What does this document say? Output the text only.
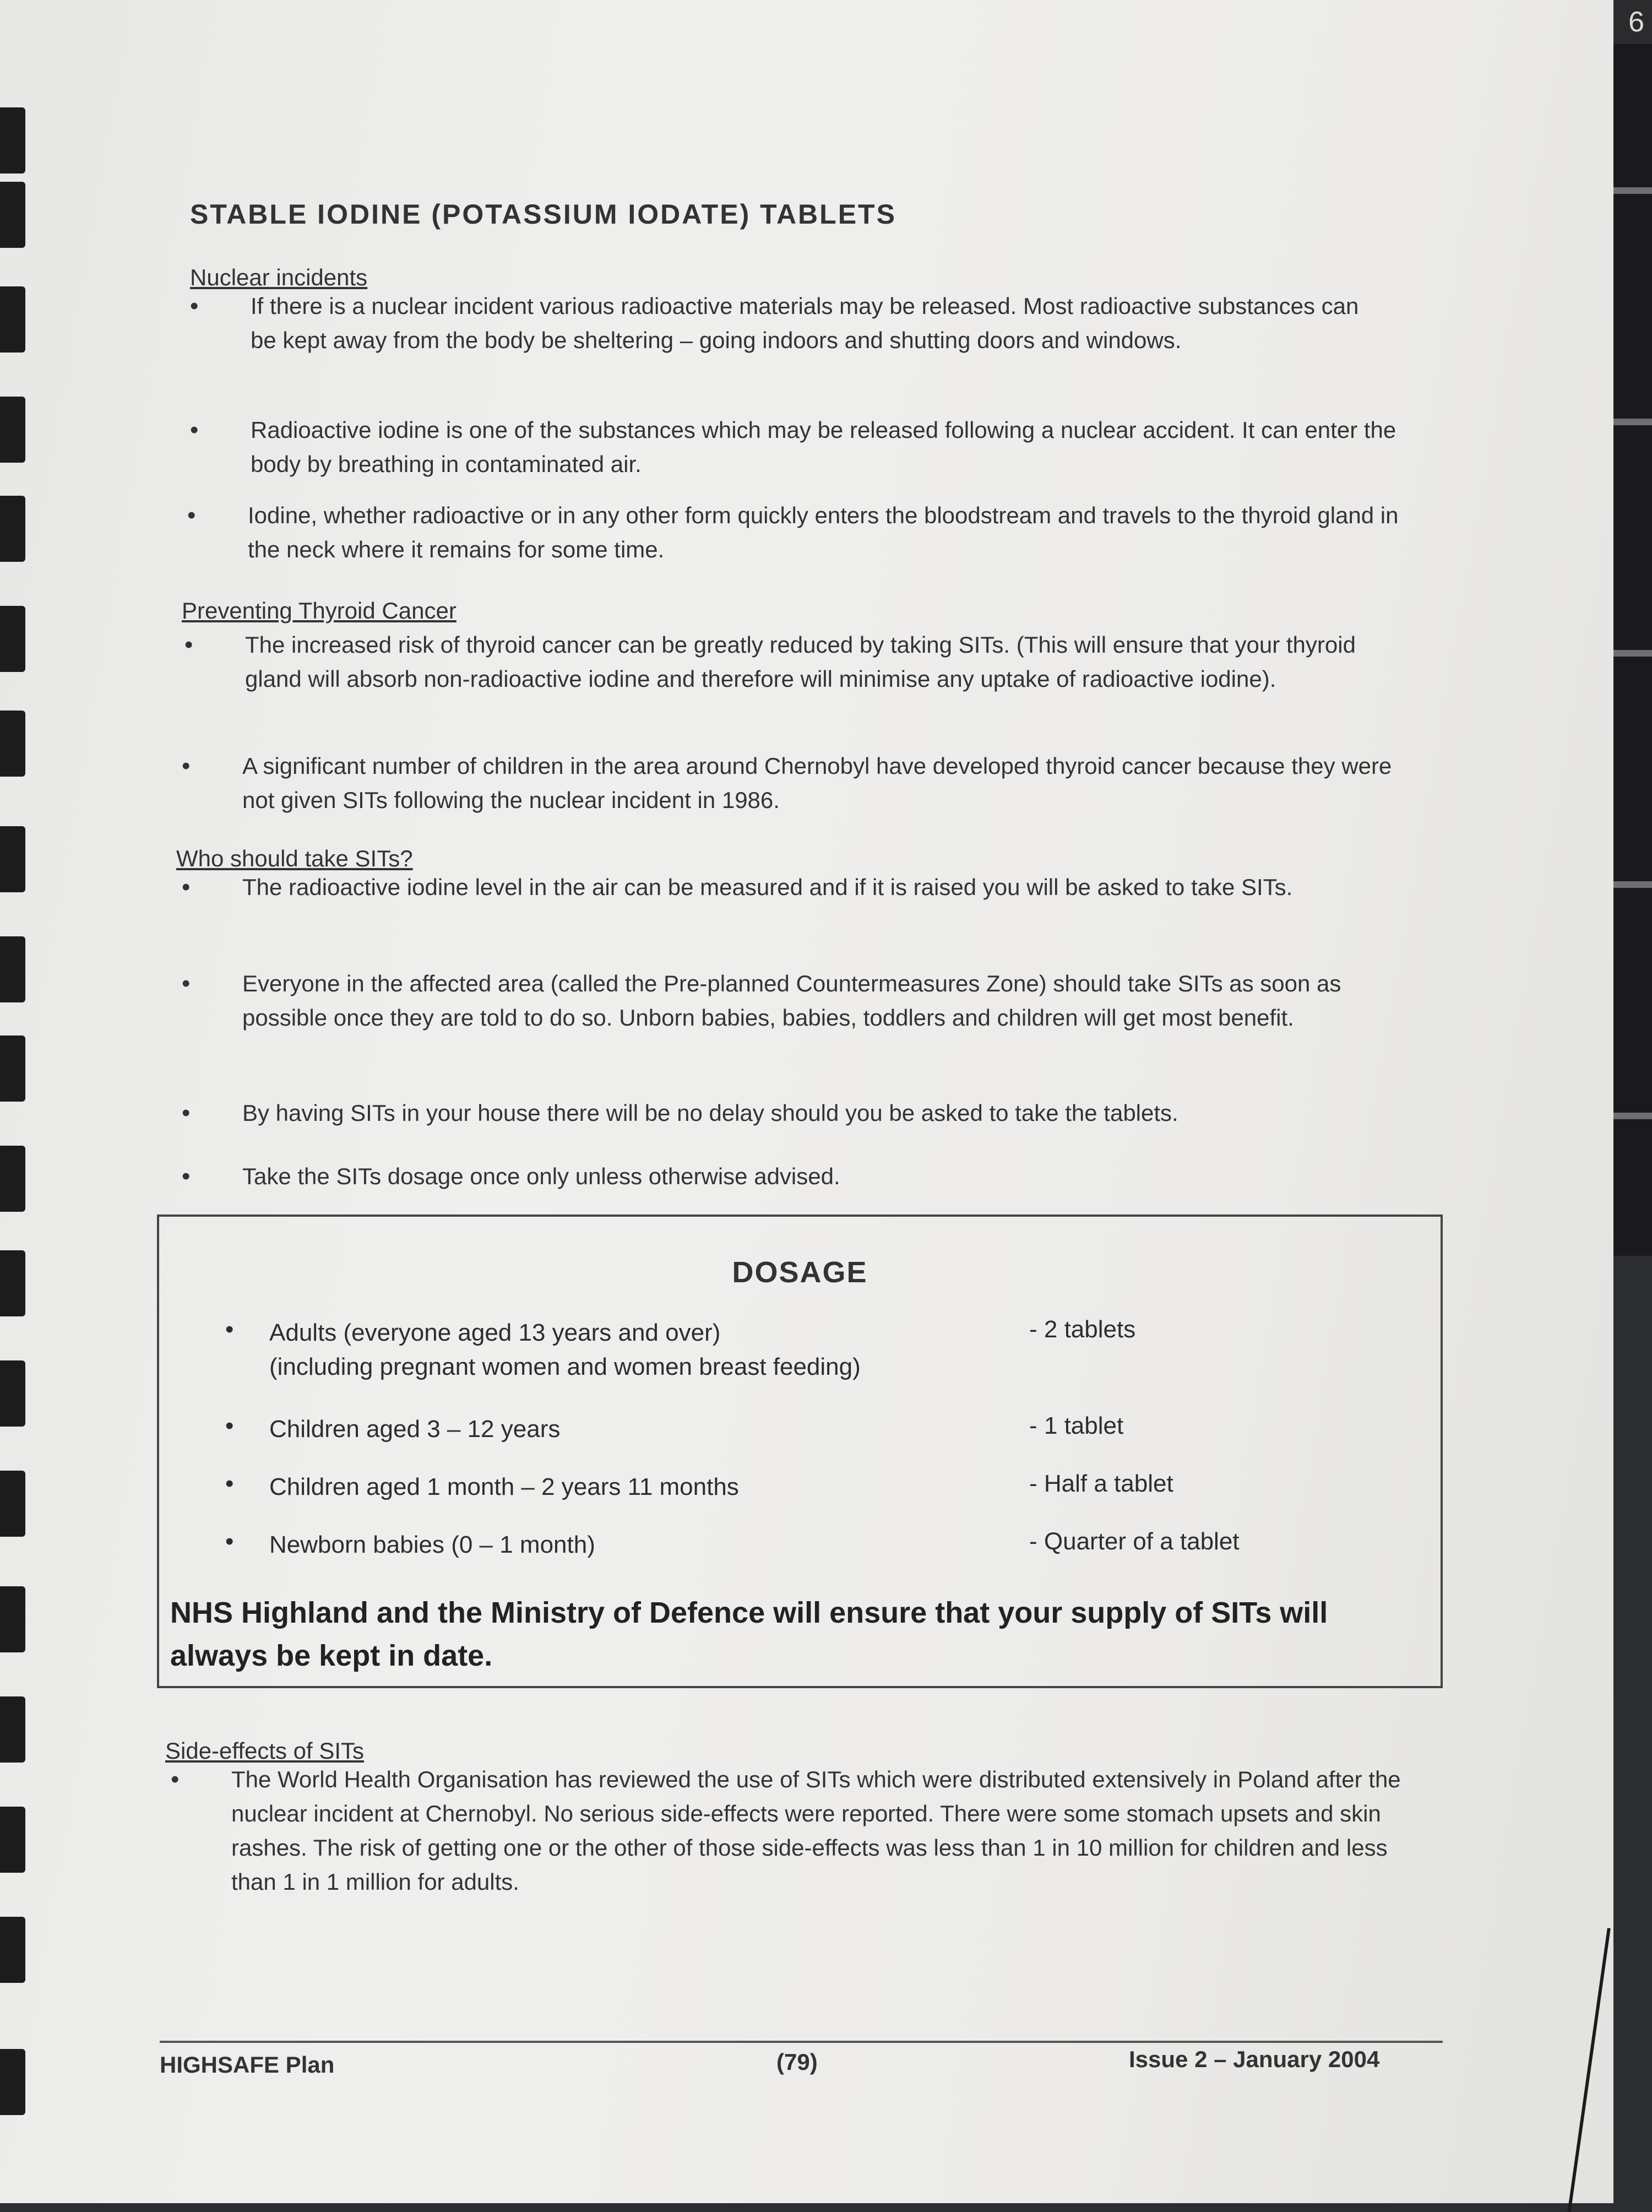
6
STABLE IODINE (POTASSIUM IODATE) TABLETS
Nuclear incidents
• If there is a nuclear incident various radioactive materials may be released. Most radioactive substances can be kept away from the body be sheltering – going indoors and shutting doors and windows.
• Radioactive iodine is one of the substances which may be released following a nuclear accident. It can enter the body by breathing in contaminated air.
• Iodine, whether radioactive or in any other form quickly enters the bloodstream and travels to the thyroid gland in the neck where it remains for some time.
Preventing Thyroid Cancer
• The increased risk of thyroid cancer can be greatly reduced by taking SITs. (This will ensure that your thyroid gland will absorb non-radioactive iodine and therefore will minimise any uptake of radioactive iodine).
• A significant number of children in the area around Chernobyl have developed thyroid cancer because they were not given SITs following the nuclear incident in 1986.
Who should take SITs?
• The radioactive iodine level in the air can be measured and if it is raised you will be asked to take SITs.
• Everyone in the affected area (called the Pre-planned Countermeasures Zone) should take SITs as soon as possible once they are told to do so. Unborn babies, babies, toddlers and children will get most benefit.
• By having SITs in your house there will be no delay should you be asked to take the tablets.
• Take the SITs dosage once only unless otherwise advised.
DOSAGE
• Adults (everyone aged 13 years and over)
(including pregnant women and women breast feeding)
- 2 tablets
• Children aged 3 – 12 years	- 1 tablet
• Children aged 1 month – 2 years 11 months	- Half a tablet
• Newborn babies (0 – 1 month)	- Quarter of a tablet
NHS Highland and the Ministry of Defence will ensure that your supply of SITs will always be kept in date.
Side-effects of SITs
• The World Health Organisation has reviewed the use of SITs which were distributed extensively in Poland after the nuclear incident at Chernobyl. No serious side-effects were reported. There were some stomach upsets and skin rashes. The risk of getting one or the other of those side-effects was less than 1 in 10 million for children and less than 1 in 1 million for adults.
HIGHSAFE Plan	(79)	Issue 2 – January 2004
